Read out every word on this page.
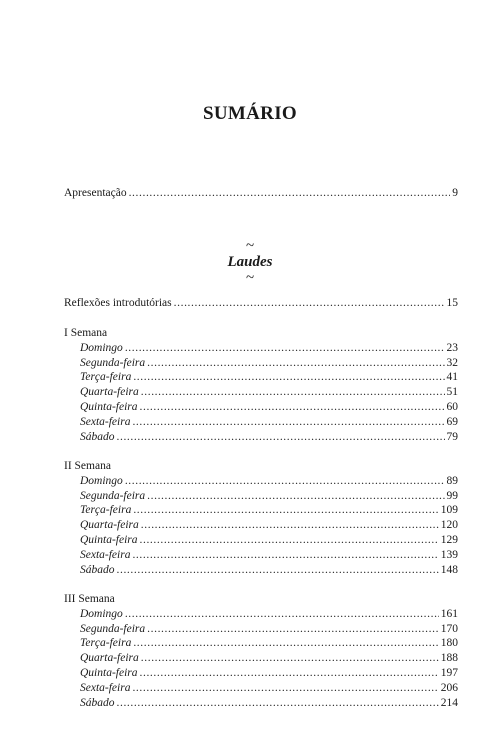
SUMÁRIO
Apresentação .....	9
~
Laudes
~
Reflexões introdutórias .....	15
I Semana
Domingo .....	23
Segunda-feira .....	32
Terça-feira .....	41
Quarta-feira .....	51
Quinta-feira .....	60
Sexta-feira .....	69
Sábado .....	79
II Semana
Domingo .....	89
Segunda-feira .....	99
Terça-feira .....	109
Quarta-feira .....	120
Quinta-feira .....	129
Sexta-feira .....	139
Sábado .....	148
III Semana
Domingo .....	161
Segunda-feira .....	170
Terça-feira .....	180
Quarta-feira .....	188
Quinta-feira .....	197
Sexta-feira .....	206
Sábado .....	214
